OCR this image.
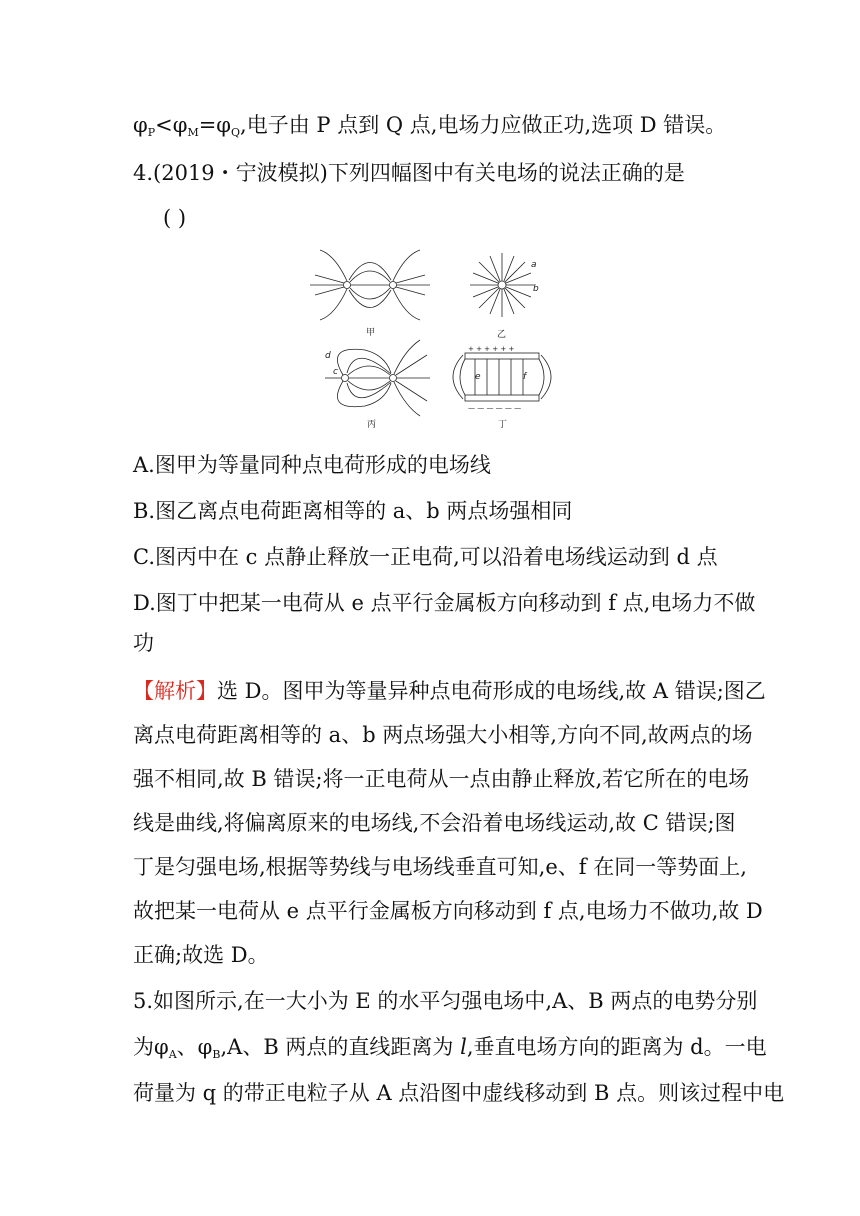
$\varphi_P<\varphi_M=\varphi_Q$,电子由 P 点到 Q 点,电场力应做正功,选项 D 错误。
4.(2019・宁波模拟)下列四幅图中有关电场的说法正确的是
( )
甲	乙
丙	丁
a
b
c
d
e	f
+ + + + + +
— — — — — —
A.图甲为等量同种点电荷形成的电场线
B.图乙离点电荷距离相等的 a、b 两点场强相同
C.图丙中在 c 点静止释放一正电荷,可以沿着电场线运动到 d 点
D.图丁中把某一电荷从 e 点平行金属板方向移动到 f 点,电场力不做
功
【解析】选 D。图甲为等量异种点电荷形成的电场线,故 A 错误;图乙
离点电荷距离相等的 a、b 两点场强大小相等,方向不同,故两点的场
强不相同,故 B 错误;将一正电荷从一点由静止释放,若它所在的电场
线是曲线,将偏离原来的电场线,不会沿着电场线运动,故 C 错误;图
丁是匀强电场,根据等势线与电场线垂直可知,e、f 在同一等势面上,
故把某一电荷从 e 点平行金属板方向移动到 f 点,电场力不做功,故 D
正确;故选 D。
5.如图所示,在一大小为 E 的水平匀强电场中,A、B 两点的电势分别
为$\varphi_A$、$\varphi_B,A$、B 两点的直线距离为 l,垂直电场方向的距离为 d。一电
荷量为 q 的带正电粒子从 A 点沿图中虚线移动到 B 点。则该过程中电
